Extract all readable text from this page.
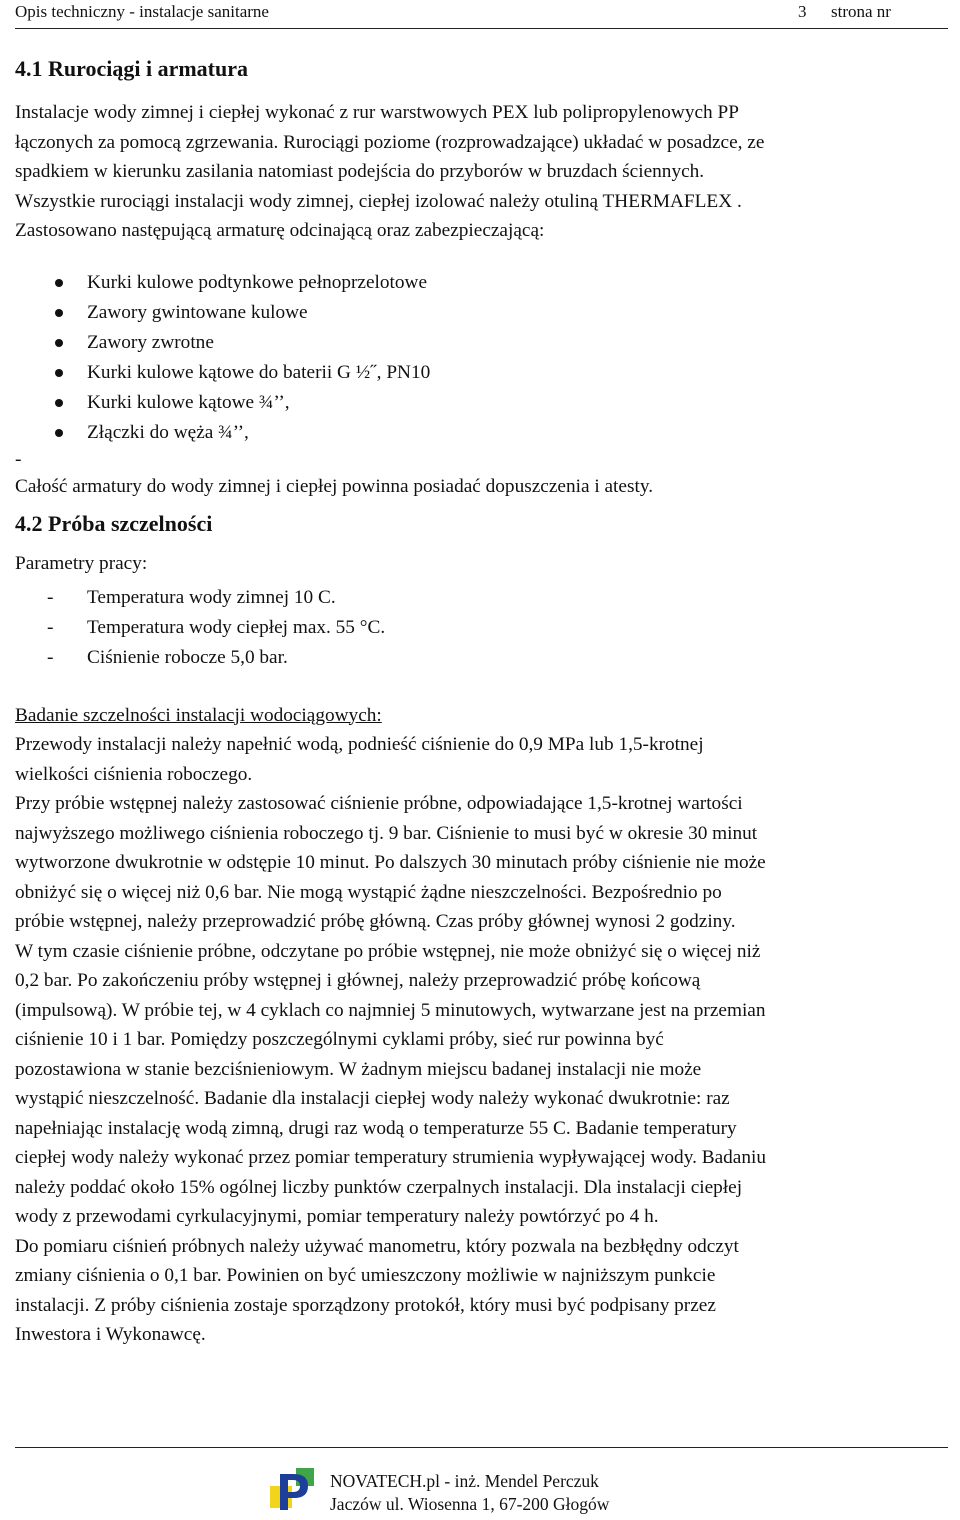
Opis techniczny - instalacje sanitarne	3 strona nr
4.1 Rurociągi i armatura
Instalacje wody zimnej i ciepłej wykonać z rur warstwowych PEX lub polipropylenowych PP
łączonych za pomocą zgrzewania. Rurociągi poziome (rozprowadzające) układać w posadzce, ze
spadkiem w kierunku zasilania natomiast podejścia do przyborów w bruzdach ściennych.
Wszystkie rurociągi instalacji wody zimnej, ciepłej izolować należy otuliną THERMAFLEX .
Zastosowano następującą armaturę odcinającą oraz zabezpieczającą:
Kurki kulowe podtynkowe pełnoprzelotowe
Zawory gwintowane kulowe
Zawory zwrotne
Kurki kulowe kątowe do baterii G ½˝, PN10
Kurki kulowe kątowe ¾’’,
Złączki do węża ¾’’,
-
Całość armatury do wody zimnej i ciepłej powinna posiadać dopuszczenia i atesty.
4.2 Próba szczelności
Parametry pracy:
- Temperatura wody zimnej 10 C.
- Temperatura wody ciepłej max. 55 °C.
- Ciśnienie robocze 5,0 bar.
Badanie szczelności instalacji wodociągowych:
Przewody instalacji należy napełnić wodą, podnieść ciśnienie do 0,9 MPa lub 1,5-krotnej
wielkości ciśnienia roboczego.
Przy próbie wstępnej należy zastosować ciśnienie próbne, odpowiadające 1,5-krotnej wartości
najwyższego możliwego ciśnienia roboczego tj. 9 bar. Ciśnienie to musi być w okresie 30 minut
wytworzone dwukrotnie w odstępie 10 minut. Po dalszych 30 minutach próby ciśnienie nie może
obniżyć się o więcej niż 0,6 bar. Nie mogą wystąpić żądne nieszczelności. Bezpośrednio po
próbie wstępnej, należy przeprowadzić próbę główną. Czas próby głównej wynosi 2 godziny.
W tym czasie ciśnienie próbne, odczytane po próbie wstępnej, nie może obniżyć się o więcej niż
0,2 bar. Po zakończeniu próby wstępnej i głównej, należy przeprowadzić próbę końcową
(impulsową). W próbie tej, w 4 cyklach co najmniej 5 minutowych, wytwarzane jest na przemian
ciśnienie 10 i 1 bar. Pomiędzy poszczególnymi cyklami próby, sieć rur powinna być
pozostawiona w stanie bezciśnieniowym. W żadnym miejscu badanej instalacji nie może
wystąpić nieszczelność. Badanie dla instalacji ciepłej wody należy wykonać dwukrotnie: raz
napełniając instalację wodą zimną, drugi raz wodą o temperaturze 55 C. Badanie temperatury
ciepłej wody należy wykonać przez pomiar temperatury strumienia wypływającej wody. Badaniu
należy poddać około 15% ogólnej liczby punktów czerpalnych instalacji. Dla instalacji ciepłej
wody z przewodami cyrkulacyjnymi, pomiar temperatury należy powtórzyć po 4 h.
Do pomiaru ciśnień próbnych należy używać manometru, który pozwala na bezbłędny odczyt
zmiany ciśnienia o 0,1 bar. Powinien on być umieszczony możliwie w najniższym punkcie
instalacji. Z próby ciśnienia zostaje sporządzony protokół, który musi być podpisany przez
Inwestora i Wykonawcę.
NOVATECH.pl - inż. Mendel Perczuk
Jaczów ul. Wiosenna 1, 67-200 Głogów
